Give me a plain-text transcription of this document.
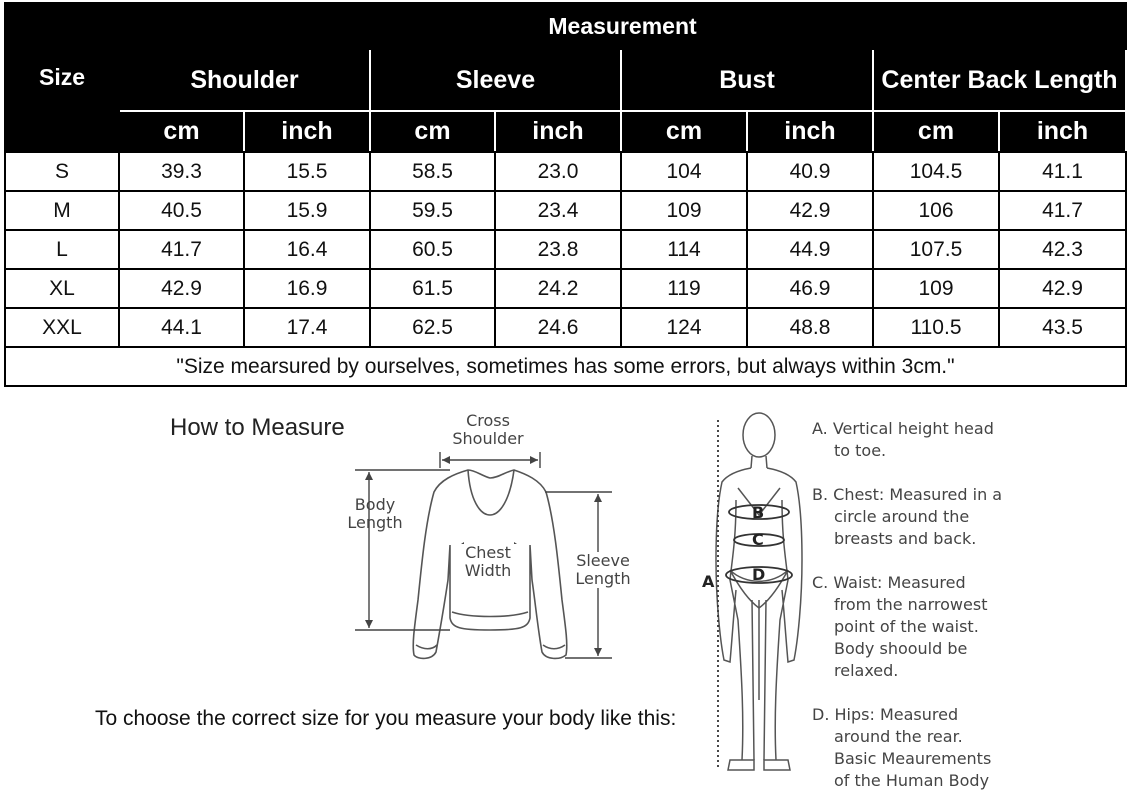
Size	Measurement							
	Shoulder		Sleeve		Bust		Center Back Length	
	cm	inch	cm	inch	cm	inch	cm	inch
S	39.3	15.5	58.5	23.0	104	40.9	104.5	41.1
M	40.5	15.9	59.5	23.4	109	42.9	106	41.7
L	41.7	16.4	60.5	23.8	114	44.9	107.5	42.3
XL	42.9	16.9	61.5	24.2	119	46.9	109	42.9
XXL	44.1	17.4	62.5	24.6	124	48.8	110.5	43.5
"Size mearsured by ourselves, sometimes has some errors, but always within 3cm."								
How to Measure	Cross
Shoulder
Body
Length
Chest
Width
Sleeve
Length
B
C
D
A
A. Vertical height head
to toe.
B. Chest: Measured in a
circle around the
breasts and back.
C. Waist: Measured
from the narrowest
point of the waist.
Body shoould be
relaxed.
D. Hips: Measured
around the rear.
Basic Meaurements
of the Human Body
To choose the correct size for you measure your body like this:
